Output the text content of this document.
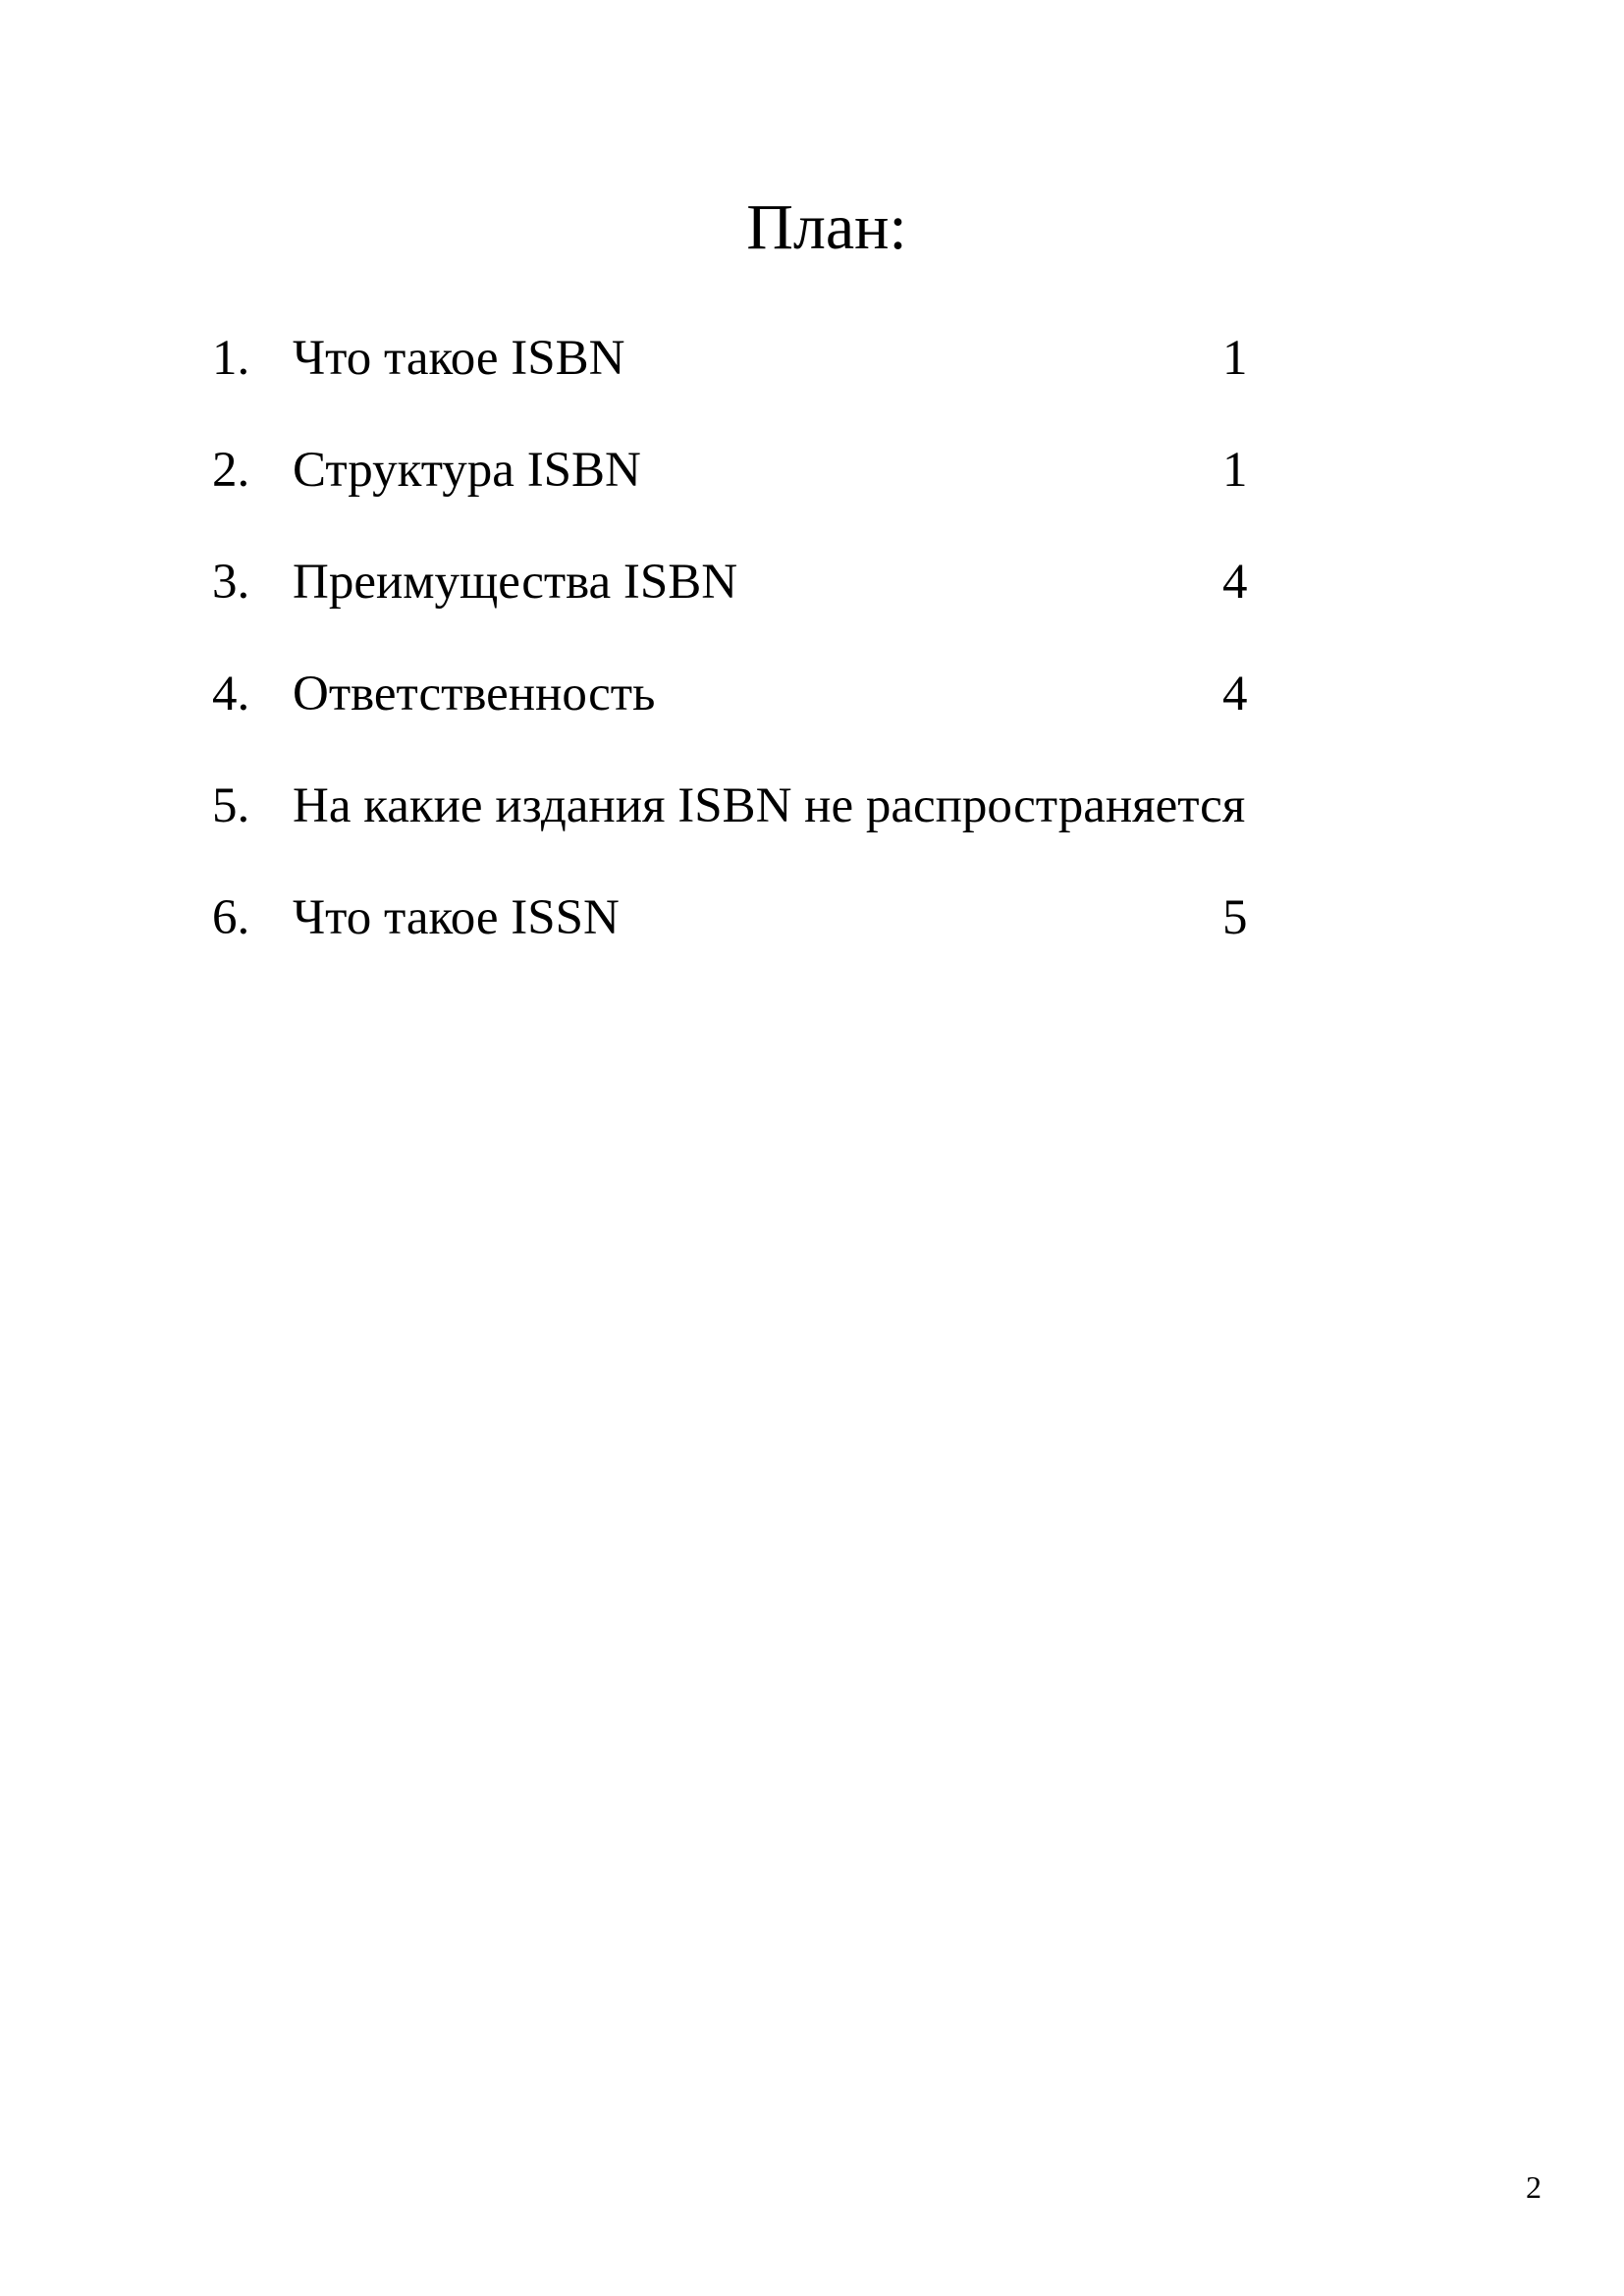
План:
1. Что такое ISBN	1
2. Структура ISBN	1
3. Преимущества ISBN	4
4. Ответственность	4
5. На какие издания ISBN не распространяется
6. Что такое ISSN	5
2
